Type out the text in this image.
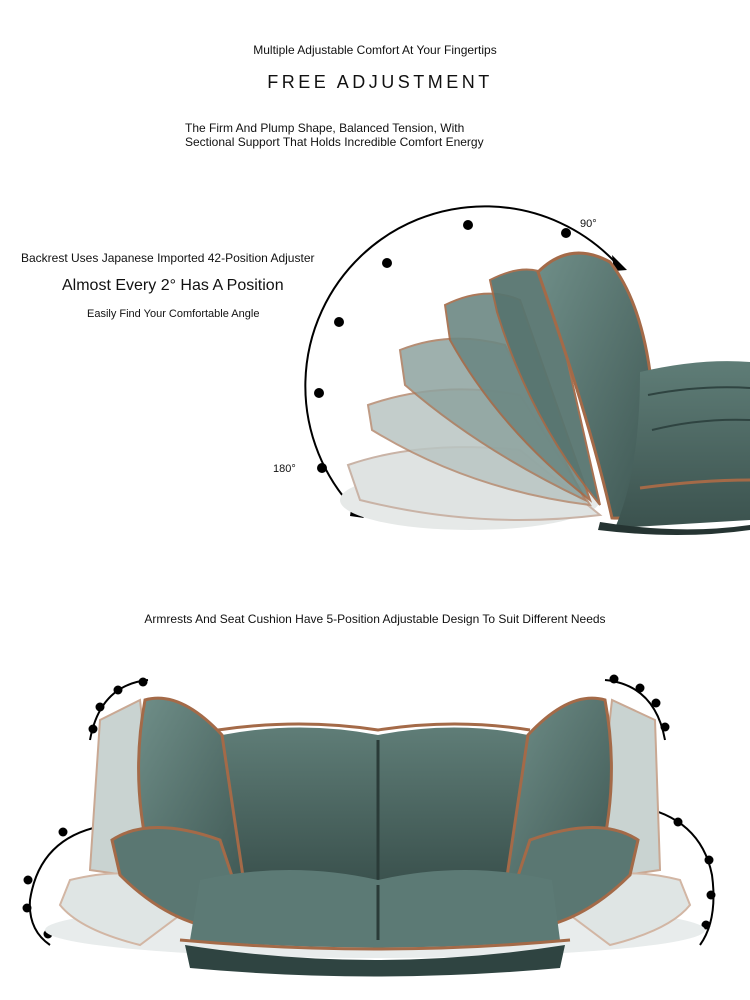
Multiple Adjustable Comfort At Your Fingertips
FREE ADJUSTMENT
The Firm And Plump Shape, Balanced Tension, With
Sectional Support That Holds Incredible Comfort Energy
Backrest Uses Japanese Imported 42-Position Adjuster
Almost Every 2° Has A Position
Easily Find Your Comfortable Angle
90°
180°
Armrests And Seat Cushion Have 5-Position Adjustable Design To Suit Different Needs
